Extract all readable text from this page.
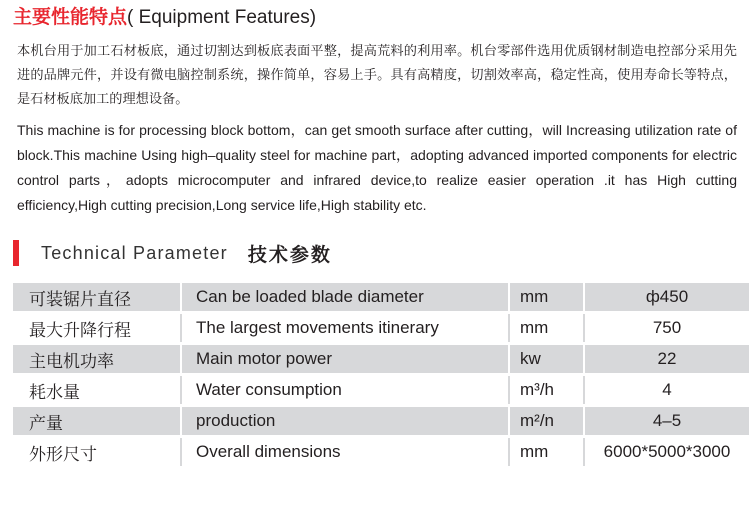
主要性能特点( Equipment Features)
本机台用于加工石材板底，通过切割达到板底表面平整，提高荒料的利用率。机台零部件选用优质钢材制造电控部分采用先进的品牌元件，并设有微电脑控制系统，操作简单，容易上手。具有高精度，切割效率高，稳定性高，使用寿命长等特点，是石材板底加工的理想设备。
This machine is for processing block bottom，can get smooth surface after cutting，will Increasing utilization rate of block.This machine Using high–quality steel for machine part，adopting advanced imported components for electric control parts，adopts microcomputer and infrared device,to realize easier operation .it has High cutting efficiency,High cutting precision,Long service life,High stability etc.
Technical Parameter 技术参数
可装锯片直径	Can be loaded blade diameter	mm	ф450
最大升降行程	The largest movements itinerary	mm	750
主电机功率	Main motor power	kw	22
耗水量	Water consumption	m³/h	4
产量	production	m²/n	4–5
外形尺寸	Overall dimensions	mm	6000*5000*3000
